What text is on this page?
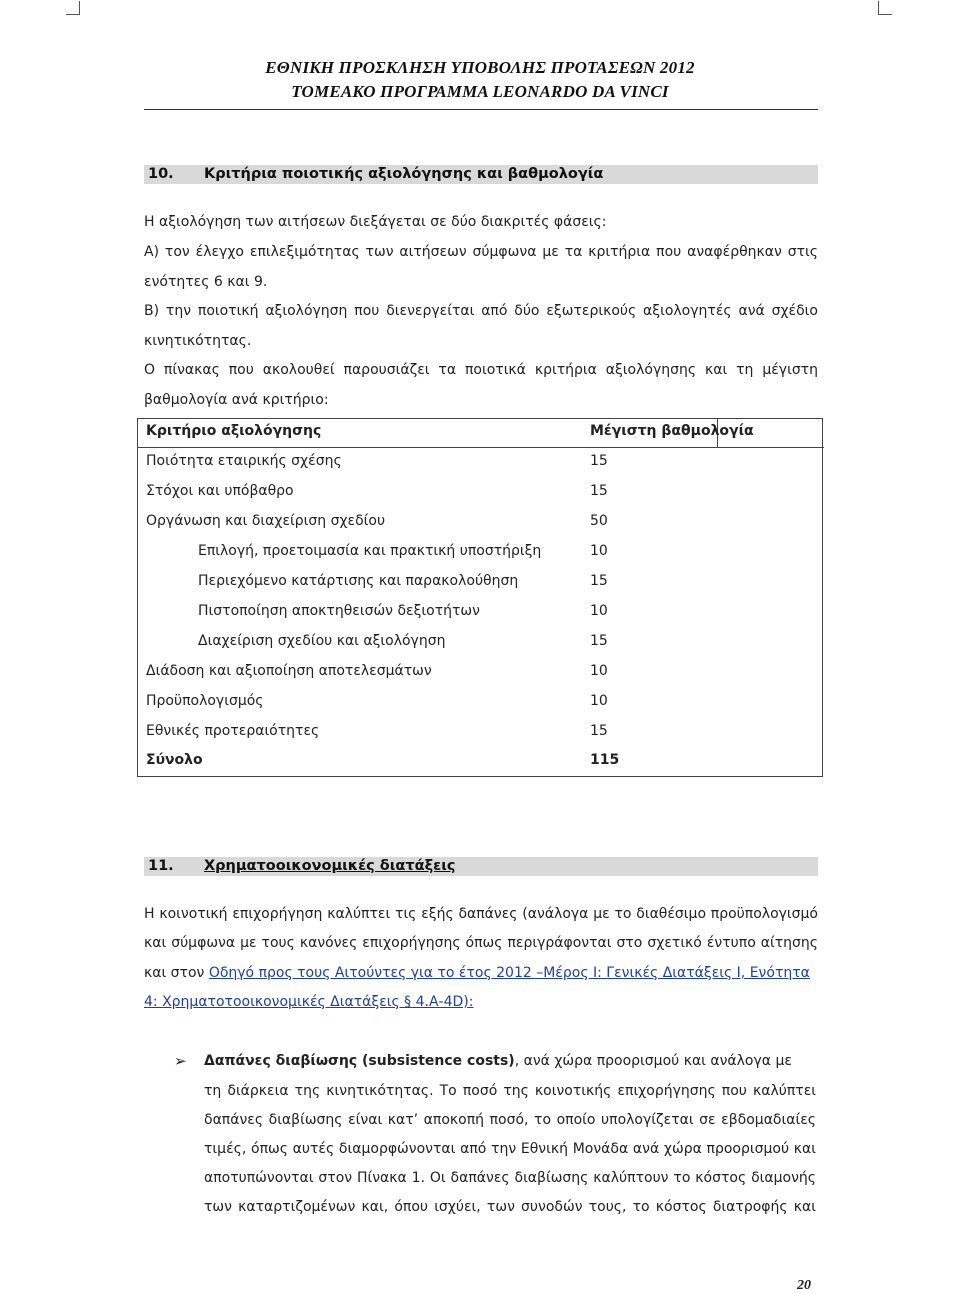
ΕΘΝΙΚΗ ΠΡΟΣΚΛΗΣΗ ΥΠΟΒΟΛΗΣ ΠΡΟΤΑΣΕΩΝ 2012
ΤΟΜΕΑΚΟ ΠΡΟΓΡΑΜΜΑ LEONARDO DA VINCI
10. Κριτήρια ποιοτικής αξιολόγησης και βαθμολογία
Η αξιολόγηση των αιτήσεων διεξάγεται σε δύο διακριτές φάσεις:
Α) τον έλεγχο επιλεξιμότητας των αιτήσεων σύμφωνα με τα κριτήρια που αναφέρθηκαν στις
ενότητες 6 και 9.
Β) την ποιοτική αξιολόγηση που διενεργείται από δύο εξωτερικούς αξιολογητές ανά σχέδιο
κινητικότητας.
Ο πίνακας που ακολουθεί παρουσιάζει τα ποιοτικά κριτήρια αξιολόγησης και τη μέγιστη
βαθμολογία ανά κριτήριο:
Κριτήριο αξιολόγησης	Μέγιστη βαθμολογία
Ποιότητα εταιρικής σχέσης	15
Στόχοι και υπόβαθρο	15
Οργάνωση και διαχείριση σχεδίου	50
Επιλογή, προετοιμασία και πρακτική υποστήριξη	10
Περιεχόμενο κατάρτισης και παρακολούθηση	15
Πιστοποίηση αποκτηθεισών δεξιοτήτων	10
Διαχείριση σχεδίου και αξιολόγηση	15
Διάδοση και αξιοποίηση αποτελεσμάτων	10
Προϋπολογισμός	10
Εθνικές προτεραιότητες	15
Σύνολο	115
11. Χρηματοοικονομικές διατάξεις
Η κοινοτική επιχορήγηση καλύπτει τις εξής δαπάνες (ανάλογα με το διαθέσιμο προϋπολογισμό
και σύμφωνα με τους κανόνες επιχορήγησης όπως περιγράφονται στο σχετικό έντυπο αίτησης
και στον Οδηγό προς τους Αιτούντες για το έτος 2012 –Μέρος Ι: Γενικές Διατάξεις Ι, Ενότητα
4: Χρηματοτοοικονομικές Διατάξεις § 4.Α-4D):
➢ Δαπάνες διαβίωσης (subsistence costs), ανά χώρα προορισμού και ανάλογα με
τη διάρκεια της κινητικότητας. Το ποσό της κοινοτικής επιχορήγησης που καλύπτει
δαπάνες διαβίωσης είναι κατ’ αποκοπή ποσό, το οποίο υπολογίζεται σε εβδομαδιαίες
τιμές, όπως αυτές διαμορφώνονται από την Εθνική Μονάδα ανά χώρα προορισμού και
αποτυπώνονται στον Πίνακα 1. Οι δαπάνες διαβίωσης καλύπτουν το κόστος διαμονής
των καταρτιζομένων και, όπου ισχύει, των συνοδών τους, το κόστος διατροφής και
20
